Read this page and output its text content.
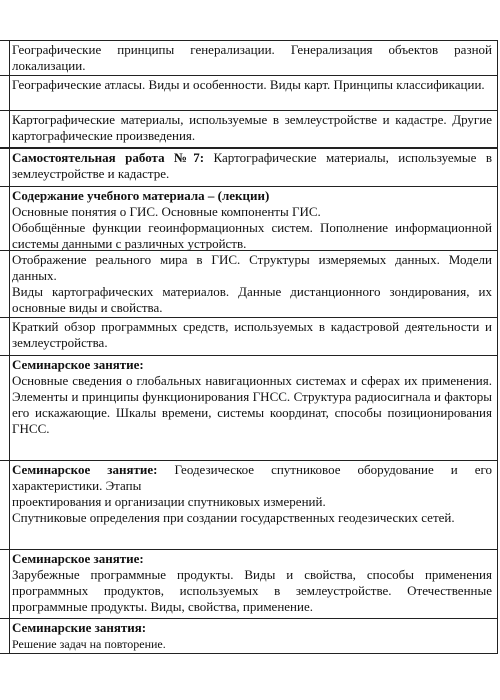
Географические принципы генерализации. Генерализация объектов разной локализации.

Географические атласы. Виды и особенности. Виды карт. Принципы классификации.

Картографические материалы, используемые в землеустройстве и кадастре. Другие картографические произведения.

Самостоятельная работа №7: Картографические материалы, используемые в землеустройстве и кадастре.

Содержание учебного материала – (лекции)

Основные понятия о ГИС. Основные компоненты ГИС.

Обобщённые функции геоинформационных систем. Пополнение информационной системы данными с различных устройств.

Отображение реального мира в ГИС. Структуры измеряемых данных. Модели данных.

Виды картографических материалов. Данные дистанционного зондирования, их основные виды и свойства.

Краткий обзор программных средств, используемых в кадастровой деятельности и землеустройства.

Семинарское занятие:

Основные сведения о глобальных навигационных системах и сферах их применения. Элементы и принципы функционирования ГНСС. Структура радиосигнала и факторы его искажающие. Шкалы времени, системы координат, способы позиционирования ГНСС.

Семинарское занятие: Геодезическое спутниковое оборудование и его характеристики. Этапы

проектирования и организации спутниковых измерений.

Спутниковые определения при создании государственных геодезических сетей.

Семинарское занятие:

Зарубежные программные продукты. Виды и свойства, способы применения программных продуктов, используемых в землеустройстве. Отечественные программные продукты. Виды, свойства, применение.

Семинарские занятия:

Решение задач на повторение.
